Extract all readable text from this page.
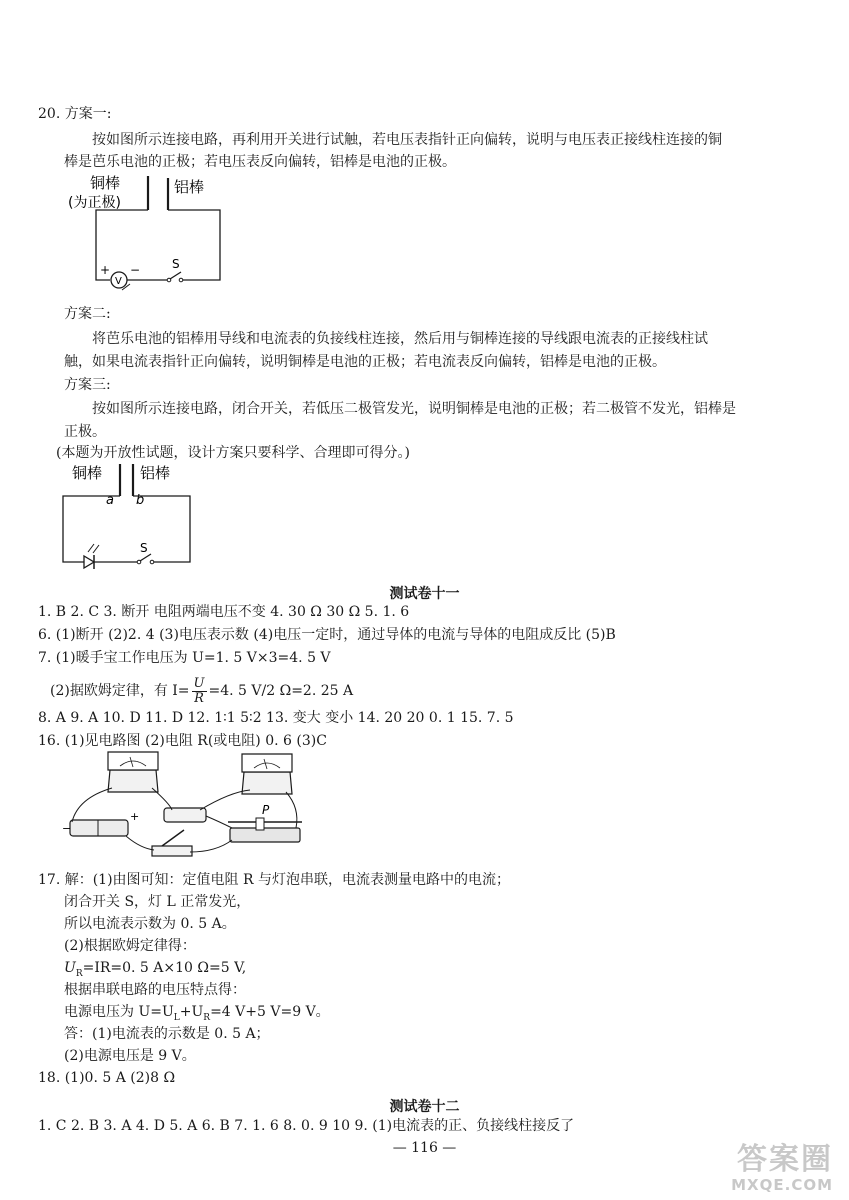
20. 方案一:
按如图所示连接电路，再利用开关进行试触，若电压表指针正向偏转，说明与电压表正接线柱连接的铜
棒是芭乐电池的正极；若电压表反向偏转，铝棒是电池的正极。
铜棒
(为正极)
铝棒
V
+ −	S
方案二:
将芭乐电池的铝棒用导线和电流表的负接线柱连接，然后用与铜棒连接的导线跟电流表的正接线柱试
触，如果电流表指针正向偏转，说明铜棒是电池的正极；若电流表反向偏转，铝棒是电池的正极。
方案三:
按如图所示连接电路，闭合开关，若低压二极管发光，说明铜棒是电池的正极；若二极管不发光，铝棒是
正极。
(本题为开放性试题，设计方案只要科学、合理即可得分。)
铜棒	铝棒
a b
S
测试卷十一
1. B 2. C 3. 断开 电阻两端电压不变 4. 30 Ω 30 Ω 5. 1. 6
6. (1)断开 (2)2. 4 (3)电压表示数 (4)电压一定时，通过导体的电流与导体的电阻成反比 (5)B
7. (1)暖手宝工作电压为 U=1. 5 V×3=4. 5 V
(2)据欧姆定律，有 $I= \frac{U}{R} =4$. 5 V/2 Ω=2. 25 A
8. A 9. A 10. D 11. D 12. 1∶1 5∶2 13. 变大 变小 14. 20 20 0. 1 15. 7. 5
16. (1)见电路图 (2)电阻 R(或电阻) 0. 6 (3)C
−
+	P
17. 解：(1)由图可知：定值电阻 R 与灯泡串联，电流表测量电路中的电流；
闭合开关 S，灯 L 正常发光，
所以电流表示数为 0. 5 A。
(2)根据欧姆定律得：
$U_R=IR=0$. 5 A×10 Ω=5 V,
根据串联电路的电压特点得：
电源电压为 $U=U_L+U_R=4$ V+5 V=9 V。
答：(1)电流表的示数是 0. 5 A；
(2)电源电压是 9 V。
18. (1)0. 5 A (2)8 Ω
测试卷十二
1. C 2. B 3. A 4. D 5. A 6. B 7. 1. 6 8. 0. 9 10 9. (1)电流表的正、负接线柱接反了
— 116 —	答案圈
MXQE.COM
